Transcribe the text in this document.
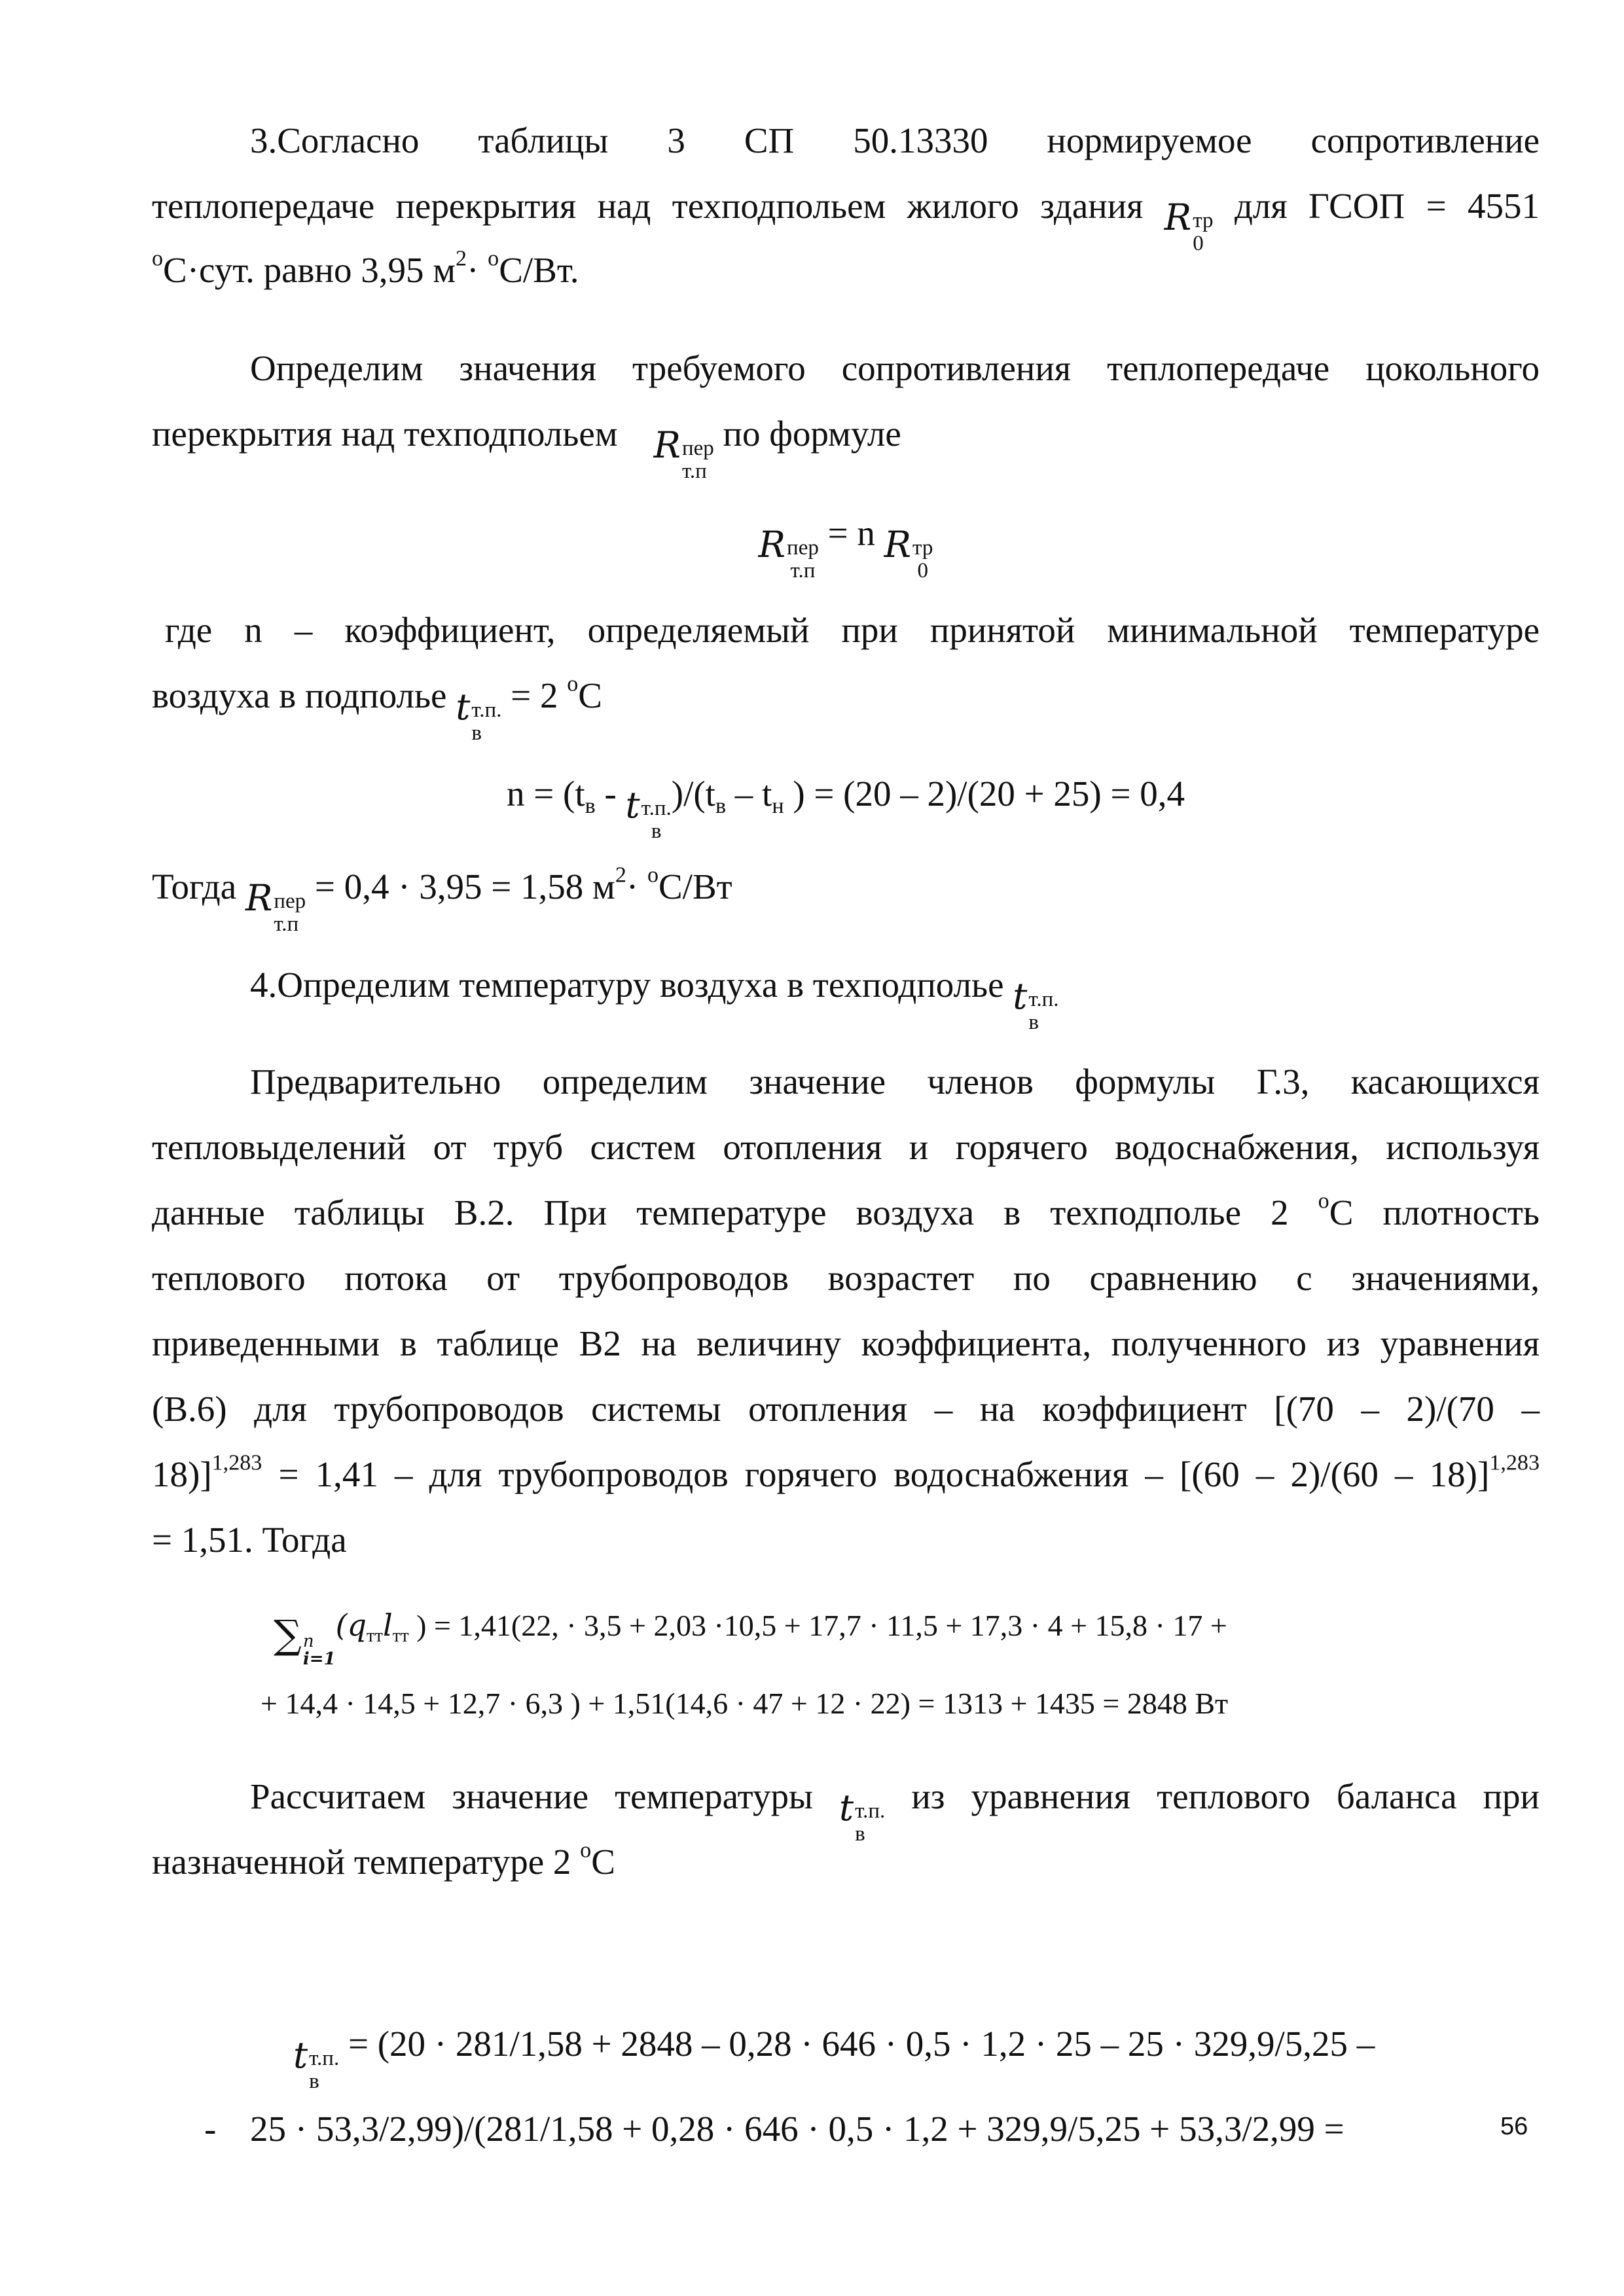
3.Согласно таблицы 3 СП 50.13330 нормируемое сопротивление
теплопередаче перекрытия над техподпольем жилого здания R тр
0
для ГСОП = 4551
$^o$С·сут. равно 3,95 $м^2\cdot ^oС/Вт$.
Определим значения требуемого сопротивления теплопередаче цокольного
перекрытия над техподпольем R пер
т.п
по формуле
R пер
т.п
= n R тр
0
где n – коэффициент, определяемый при принятой минимальной температуре
воздуха в подполье t т.п.
в
= 2 $^o$С
$n = (t_в - t$ т.п.
в
)$/(t_в - t_н$ ) = (20 – 2)/(20 + 25) = 0,4
Тогда R пер
т.п
= 0,4 · 3,95 = 1,58 $м^2\cdot ^oС/Вт$
4.Определим температуру воздуха в техподполье t т.п.
в
Предварительно определим значение членов формулы Г.3, касающихся
тепловыделений от труб систем отопления и горячего водоснабжения, используя
данные таблицы В.2. При температуре воздуха в техподполье 2 $^o$С плотность
теплового потока от трубопроводов возрастет по сравнению с значениями,
приведенными в таблице В2 на величину коэффициента, полученного из уравнения
(В.6) для трубопроводов системы отопления – на коэффициент [(70 – 2)/(70 –
18)]$^{1,283}$ = 1,41 – для трубопроводов горячего водоснабжения – [(60 – 2)/(60 – 18)]$^{1,283}$
= 1,51. Тогда
∑ n
i=1
($q_{тт}l_{тт}$ ) = 1,41(22, · 3,5 + 2,03 ·10,5 + 17,7 · 11,5 + 17,3 · 4 + 15,8 · 17 +
+ 14,4 · 14,5 + 12,7 · 6,3 ) + 1,51(14,6 · 47 + 12 · 22) = 1313 + 1435 = 2848 Вт
Рассчитаем значение температуры t т.п.
в
из уравнения теплового баланса при
назначенной температуре 2 $^o$С
t т.п.
в
= (20 · 281/1,58 + 2848 – 0,28 · 646 · 0,5 · 1,2 · 25 – 25 · 329,9/5,25 –
- 25 · 53,3/2,99)/(281/1,58 + 0,28 · 646 · 0,5 · 1,2 + 329,9/5,25 + 53,3/2,99 =	56
